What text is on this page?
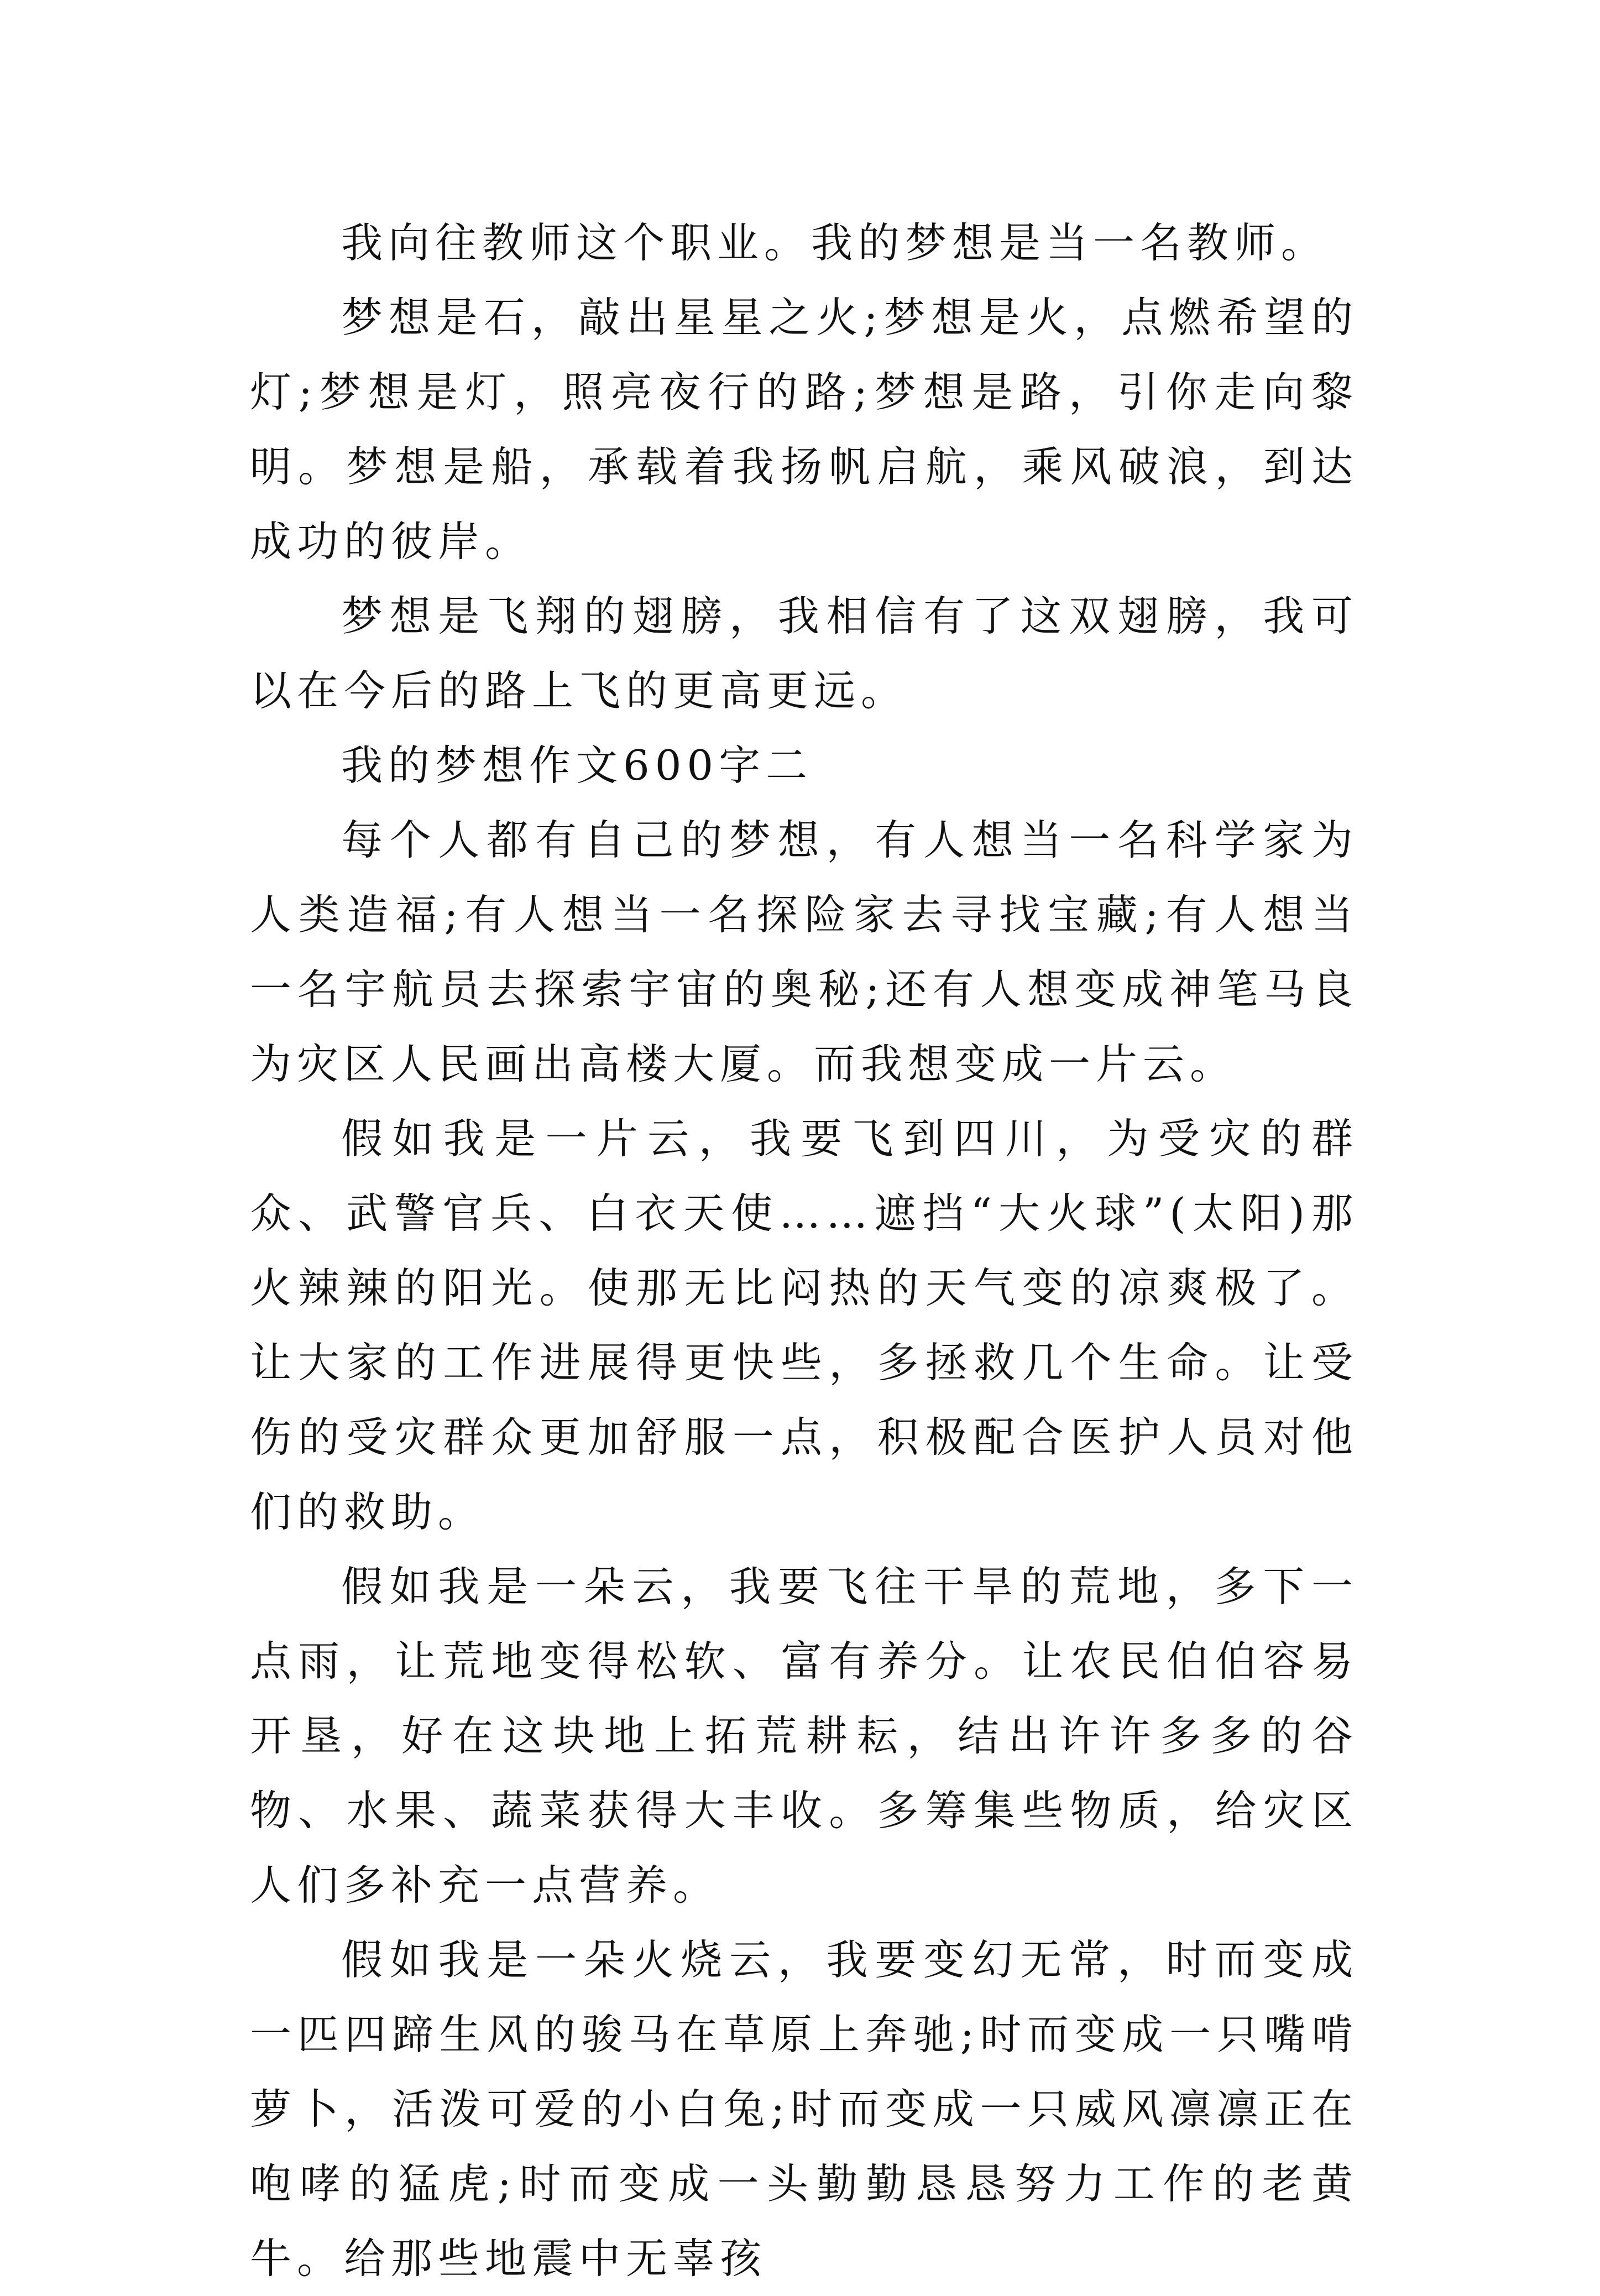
我向往教师这个职业。我的梦想是当一名教师。

梦想是石，敲出星星之火;梦想是火，点燃希望的灯;梦想是灯，照亮夜行的路;梦想是路，引你走向黎明。梦想是船，承载着我扬帆启航，乘风破浪，到达成功的彼岸。

梦想是飞翔的翅膀，我相信有了这双翅膀，我可以在今后的路上飞的更高更远。

我的梦想作文600字二

每个人都有自己的梦想，有人想当一名科学家为人类造福;有人想当一名探险家去寻找宝藏;有人想当一名宇航员去探索宇宙的奥秘;还有人想变成神笔马良为灾区人民画出高楼大厦。而我想变成一片云。

假如我是一片云，我要飞到四川，为受灾的群众、武警官兵、白衣天使……遮挡“大火球”(太阳)那火辣辣的阳光。使那无比闷热的天气变的凉爽极了。让大家的工作进展得更快些，多拯救几个生命。让受伤的受灾群众更加舒服一点，积极配合医护人员对他们的救助。

假如我是一朵云，我要飞往干旱的荒地，多下一点雨，让荒地变得松软、富有养分。让农民伯伯容易开垦，好在这块地上拓荒耕耘，结出许许多多的谷物、水果、蔬菜获得大丰收。多筹集些物质，给灾区人们多补充一点营养。

假如我是一朵火烧云，我要变幻无常，时而变成一匹四蹄生风的骏马在草原上奔驰;时而变成一只嘴啃萝卜，活泼可爱的小白兔;时而变成一只威风凛凛正在咆哮的猛虎;时而变成一头勤勤恳恳努力工作的老黄牛。给那些地震中无辜孩
